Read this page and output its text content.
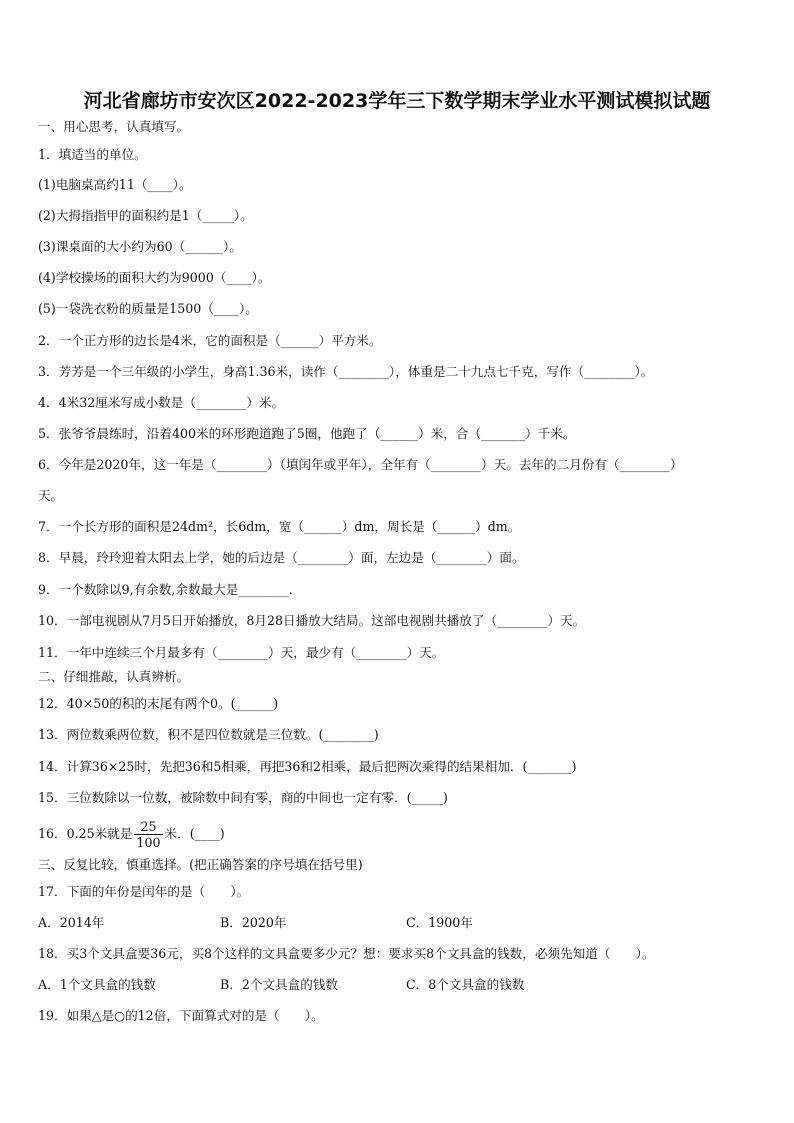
河北省廊坊市安次区2022-2023学年三下数学期末学业水平测试模拟试题
一、用心思考，认真填写。
1．填适当的单位。
(1)电脑桌高约11（____）。
(2)大拇指指甲的面积约是1（_____）。
(3)课桌面的大小约为60（______）。
(4)学校操场的面积大约为9000（____）。
(5)一袋洗衣粉的质量是1500（____）。
2．一个正方形的边长是4米，它的面积是（______）平方米。
3．芳芳是一个三年级的小学生，身高1.36米，读作（________），体重是二十九点七千克，写作（________）。
4．4米32厘米写成小数是（________）米。
5．张爷爷晨练时，沿着400米的环形跑道跑了5圈，他跑了（______）米，合（_______）千米。
6．今年是2020年，这一年是（________）（填闰年或平年），全年有（________）天。去年的二月份有（________）
天。
7．一个长方形的面积是24dm²，长6dm，宽（______）dm，周长是（______）dm。
8．早晨，玲玲迎着太阳去上学，她的后边是（________）面，左边是（________）面。
9．一个数除以9,有余数,余数最大是________.
10．一部电视剧从7月5日开始播放，8月28日播放大结局。这部电视剧共播放了（________）天。
11．一年中连续三个月最多有（________）天，最少有（________）天。
二、仔细推敲，认真辨析。
12．40×50的积的末尾有两个0。(______)
13．两位数乘两位数，积不是四位数就是三位数。(________)
14．计算36×25时，先把36和5相乘，再把36和2相乘，最后把两次乘得的结果相加．(_______)
15．三位数除以一位数，被除数中间有零，商的中间也一定有零．(_____)
16．0.25米就是 $\frac{25}{100}$ 米．(____)
三、反复比较，慎重选择。(把正确答案的序号填在括号里)
17．下面的年份是闰年的是（　　）。
A．2014年	B．2020年	C．1900年
18．买3个文具盒要36元，买8个这样的文具盒要多少元？想：要求买8个文具盒的钱数，必须先知道（　　）。
A．1个文具盒的钱数	B．2个文具盒的钱数	C．8个文具盒的钱数
19．如果△是○的12倍，下面算式对的是（　　）。
